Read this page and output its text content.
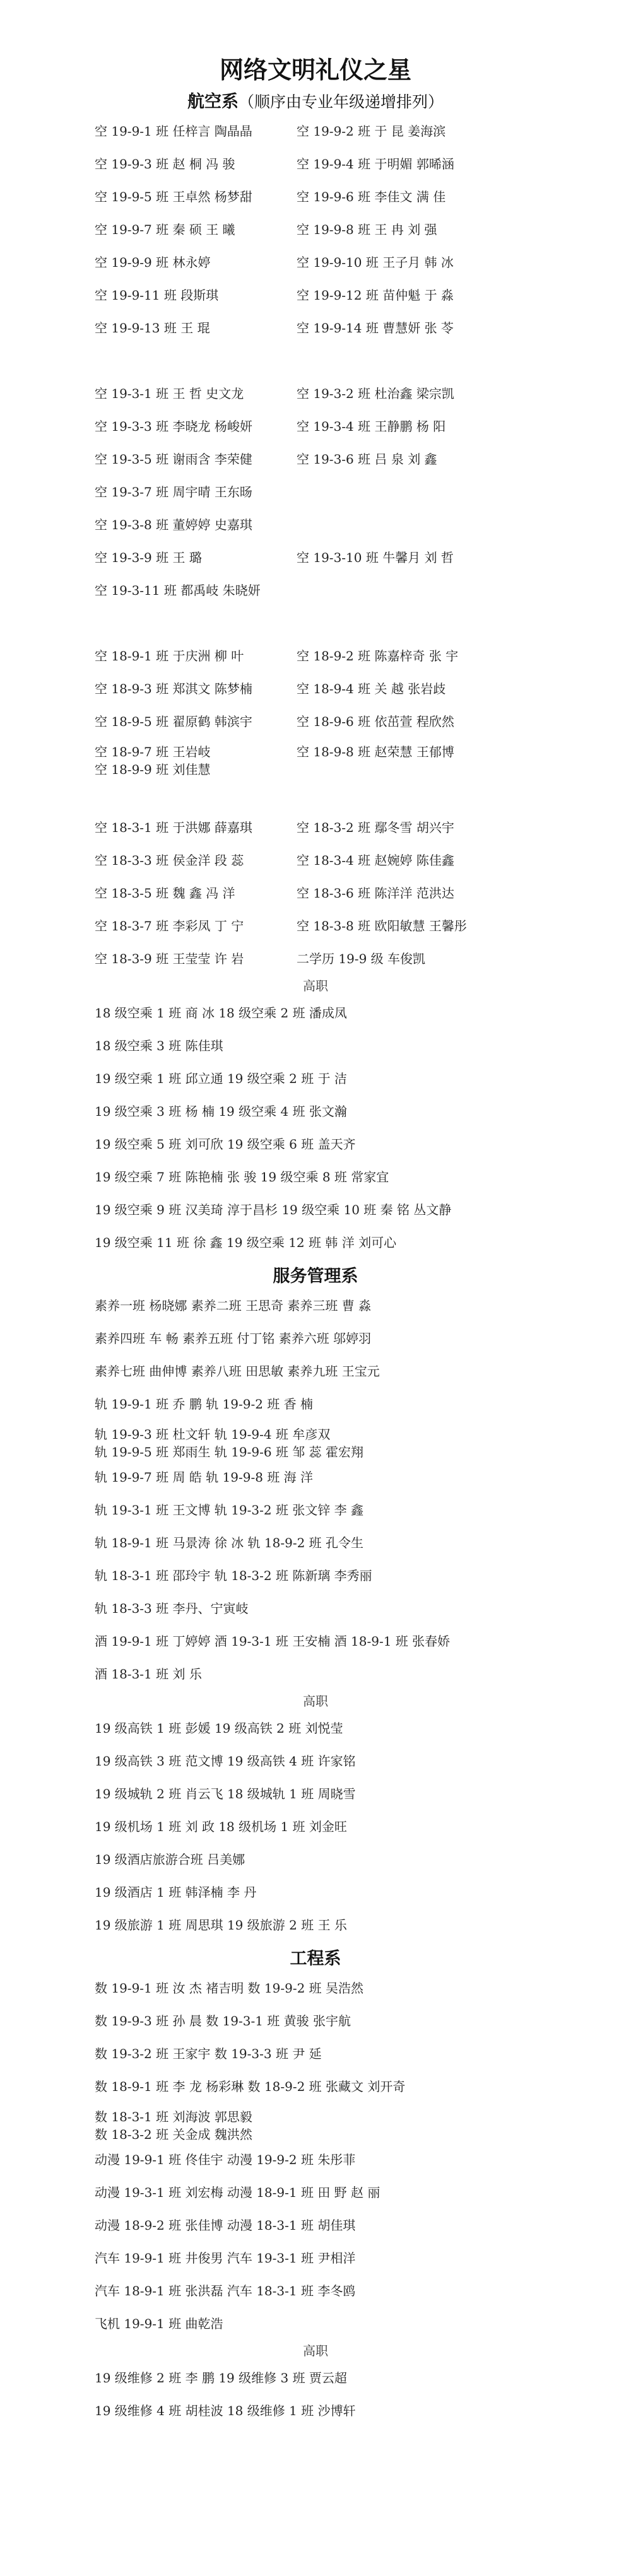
网络文明礼仪之星
航空系（顺序由专业年级递增排列）
空 19-9-1 班 任梓言 陶晶晶	空 19-9-2 班 于 昆 姜海滨
空 19-9-3 班 赵 桐 冯 骏	空 19-9-4 班 于明媚 郭晞涵
空 19-9-5 班 王卓然 杨梦甜	空 19-9-6 班 李佳文 满 佳
空 19-9-7 班 秦 硕 王 曦	空 19-9-8 班 王 冉 刘 强
空 19-9-9 班 林永婷	空 19-9-10 班 王子月 韩 冰
空 19-9-11 班 段斯琪	空 19-9-12 班 苗仲魁 于 淼
空 19-9-13 班 王 琨	空 19-9-14 班 曹慧妍 张 苓
空 19-3-1 班 王 哲 史文龙	空 19-3-2 班 杜治鑫 梁宗凯
空 19-3-3 班 李晓龙 杨峻妍	空 19-3-4 班 王静鹏 杨 阳
空 19-3-5 班 谢雨含 李荣健	空 19-3-6 班 吕 泉 刘 鑫
空 19-3-7 班 周宇晴 王东旸
空 19-3-8 班 董婷婷 史嘉琪
空 19-3-9 班 王 璐	空 19-3-10 班 牛馨月 刘 哲
空 19-3-11 班 都禹岐 朱晓妍
空 18-9-1 班 于庆洲 柳 叶	空 18-9-2 班 陈嘉梓奇 张 宇
空 18-9-3 班 郑淇文 陈梦楠	空 18-9-4 班 关 越 张岩歧
空 18-9-5 班 翟原鹤 韩滨宇	空 18-9-6 班 依茁萱 程欣然
空 18-9-7 班 王岩岐	空 18-9-8 班 赵荣慧 王郁博
空 18-9-9 班 刘佳慧
空 18-3-1 班 于洪娜 薛嘉琪	空 18-3-2 班 鄢冬雪 胡兴宇
空 18-3-3 班 侯金洋 段 蕊	空 18-3-4 班 赵婉婷 陈佳鑫
空 18-3-5 班 魏 鑫 冯 洋	空 18-3-6 班 陈洋洋 范洪达
空 18-3-7 班 李彩凤 丁 宁	空 18-3-8 班 欧阳敏慧 王馨彤
空 18-3-9 班 王莹莹 许 岩	二学历 19-9 级 车俊凯
高职
18 级空乘 1 班 商 冰 18 级空乘 2 班 潘成凤
18 级空乘 3 班 陈佳琪
19 级空乘 1 班 邱立通 19 级空乘 2 班 于 洁
19 级空乘 3 班 杨 楠 19 级空乘 4 班 张文瀚
19 级空乘 5 班 刘可欣 19 级空乘 6 班 盖天齐
19 级空乘 7 班 陈艳楠 张 骏 19 级空乘 8 班 常家宜
19 级空乘 9 班 汉美琦 淳于昌杉 19 级空乘 10 班 秦 铭 丛文静
19 级空乘 11 班 徐 鑫 19 级空乘 12 班 韩 洋 刘可心
服务管理系
素养一班 杨晓娜 素养二班 王思奇 素养三班 曹 淼
素养四班 车 畅 素养五班 付丁铭 素养六班 邬婷羽
素养七班 曲伸博 素养八班 田思敏 素养九班 王宝元
轨 19-9-1 班 乔 鹏 轨 19-9-2 班 香 楠
轨 19-9-3 班 杜文轩 轨 19-9-4 班 牟彦双
轨 19-9-5 班 郑雨生 轨 19-9-6 班 邹 蕊 霍宏翔
轨 19-9-7 班 周 皓 轨 19-9-8 班 海 洋
轨 19-3-1 班 王文博 轨 19-3-2 班 张文锌 李 鑫
轨 18-9-1 班 马景涛 徐 冰 轨 18-9-2 班 孔令生
轨 18-3-1 班 邵玲宇 轨 18-3-2 班 陈新璃 李秀丽
轨 18-3-3 班 李丹、宁寅岐
酒 19-9-1 班 丁婷婷 酒 19-3-1 班 王安楠 酒 18-9-1 班 张春娇
酒 18-3-1 班 刘 乐
高职
19 级高铁 1 班 彭媛 19 级高铁 2 班 刘悦莹
19 级高铁 3 班 范文博 19 级高铁 4 班 许家铭
19 级城轨 2 班 肖云飞 18 级城轨 1 班 周晓雪
19 级机场 1 班 刘 政 18 级机场 1 班 刘金旺
19 级酒店旅游合班 吕美娜
19 级酒店 1 班 韩泽楠 李 丹
19 级旅游 1 班 周思琪 19 级旅游 2 班 王 乐
工程系
数 19-9-1 班 汝 杰 褚吉明 数 19-9-2 班 吴浩然
数 19-9-3 班 孙 晨 数 19-3-1 班 黄骏 张宇航
数 19-3-2 班 王家宇 数 19-3-3 班 尹 延
数 18-9-1 班 李 龙 杨彩琳 数 18-9-2 班 张藏文 刘开奇
数 18-3-1 班 刘海波 郭思毅
数 18-3-2 班 关金成 魏洪然
动漫 19-9-1 班 佟佳宇 动漫 19-9-2 班 朱彤菲
动漫 19-3-1 班 刘宏梅 动漫 18-9-1 班 田 野 赵 丽
动漫 18-9-2 班 张佳博 动漫 18-3-1 班 胡佳琪
汽车 19-9-1 班 井俊男 汽车 19-3-1 班 尹相洋
汽车 18-9-1 班 张洪磊 汽车 18-3-1 班 李冬鸥
飞机 19-9-1 班 曲乾浩
高职
19 级维修 2 班 李 鹏 19 级维修 3 班 贾云超
19 级维修 4 班 胡桂波 18 级维修 1 班 沙博轩
